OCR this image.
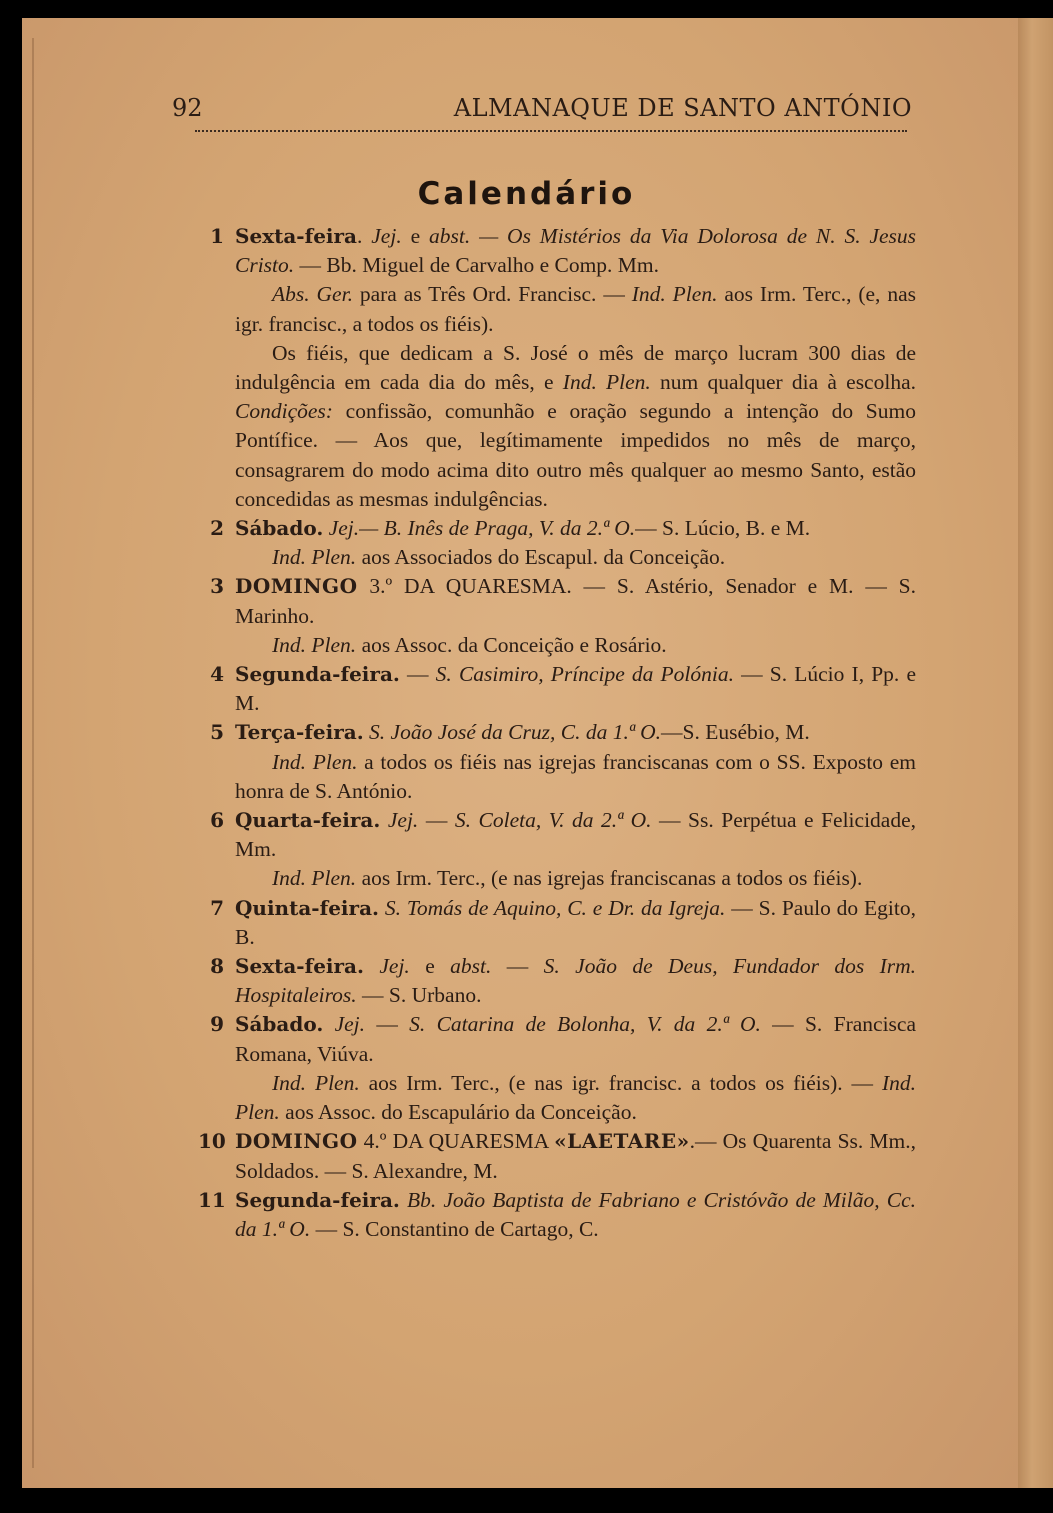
92	ALMANAQUE DE SANTO ANTÓNIO
Calendário
1 Sexta-feira. Jej. e abst. — Os Mistérios da Via Dolorosa de N. S. Jesus Cristo. — Bb. Miguel de Carvalho e Comp. Mm.

Abs. Ger. para as Três Ord. Francisc. — Ind. Plen. aos Irm. Terc., (e, nas igr. francisc., a todos os fiéis).

Os fiéis, que dedicam a S. José o mês de março lucram 300 dias de indulgência em cada dia do mês, e Ind. Plen. num qualquer dia à escolha. Condições: confissão, comunhão e oração segundo a intenção do Sumo Pontífice. — Aos que, legítimamente impedidos no mês de março, consagrarem do modo acima dito outro mês qualquer ao mesmo Santo, estão concedidas as mesmas indulgências.

2 Sábado. Jej.— B. Inês de Praga, V. da 2.ª O.— S. Lúcio, B. e M.

Ind. Plen. aos Associados do Escapul. da Conceição.

3 DOMINGO 3.º DA QUARESMA. — S. Astério, Senador e M. — S. Marinho.

Ind. Plen. aos Assoc. da Conceição e Rosário.

4 Segunda-feira. — S. Casimiro, Príncipe da Polónia. — S. Lúcio I, Pp. e M.

5 Terça-feira. S. João José da Cruz, C. da 1.ª O.—S. Eusébio, M.

Ind. Plen. a todos os fiéis nas igrejas franciscanas com o SS. Exposto em honra de S. António.

6 Quarta-feira. Jej. — S. Coleta, V. da 2.ª O. — Ss. Perpétua e Felicidade, Mm.

Ind. Plen. aos Irm. Terc., (e nas igrejas franciscanas a todos os fiéis).

7 Quinta-feira. S. Tomás de Aquino, C. e Dr. da Igreja. — S. Paulo do Egito, B.

8 Sexta-feira. Jej. e abst. — S. João de Deus, Fundador dos Irm. Hospitaleiros. — S. Urbano.

9 Sábado. Jej. — S. Catarina de Bolonha, V. da 2.ª O. — S. Francisca Romana, Viúva.

Ind. Plen. aos Irm. Terc., (e nas igr. francisc. a todos os fiéis). — Ind. Plen. aos Assoc. do Escapulário da Conceição.

10 DOMINGO 4.º DA QUARESMA «LAETARE».— Os Quarenta Ss. Mm., Soldados. — S. Alexandre, M.

11 Segunda-feira. Bb. João Baptista de Fabriano e Cristóvão de Milão, Cc. da 1.ª O. — S. Constantino de Cartago, C.
